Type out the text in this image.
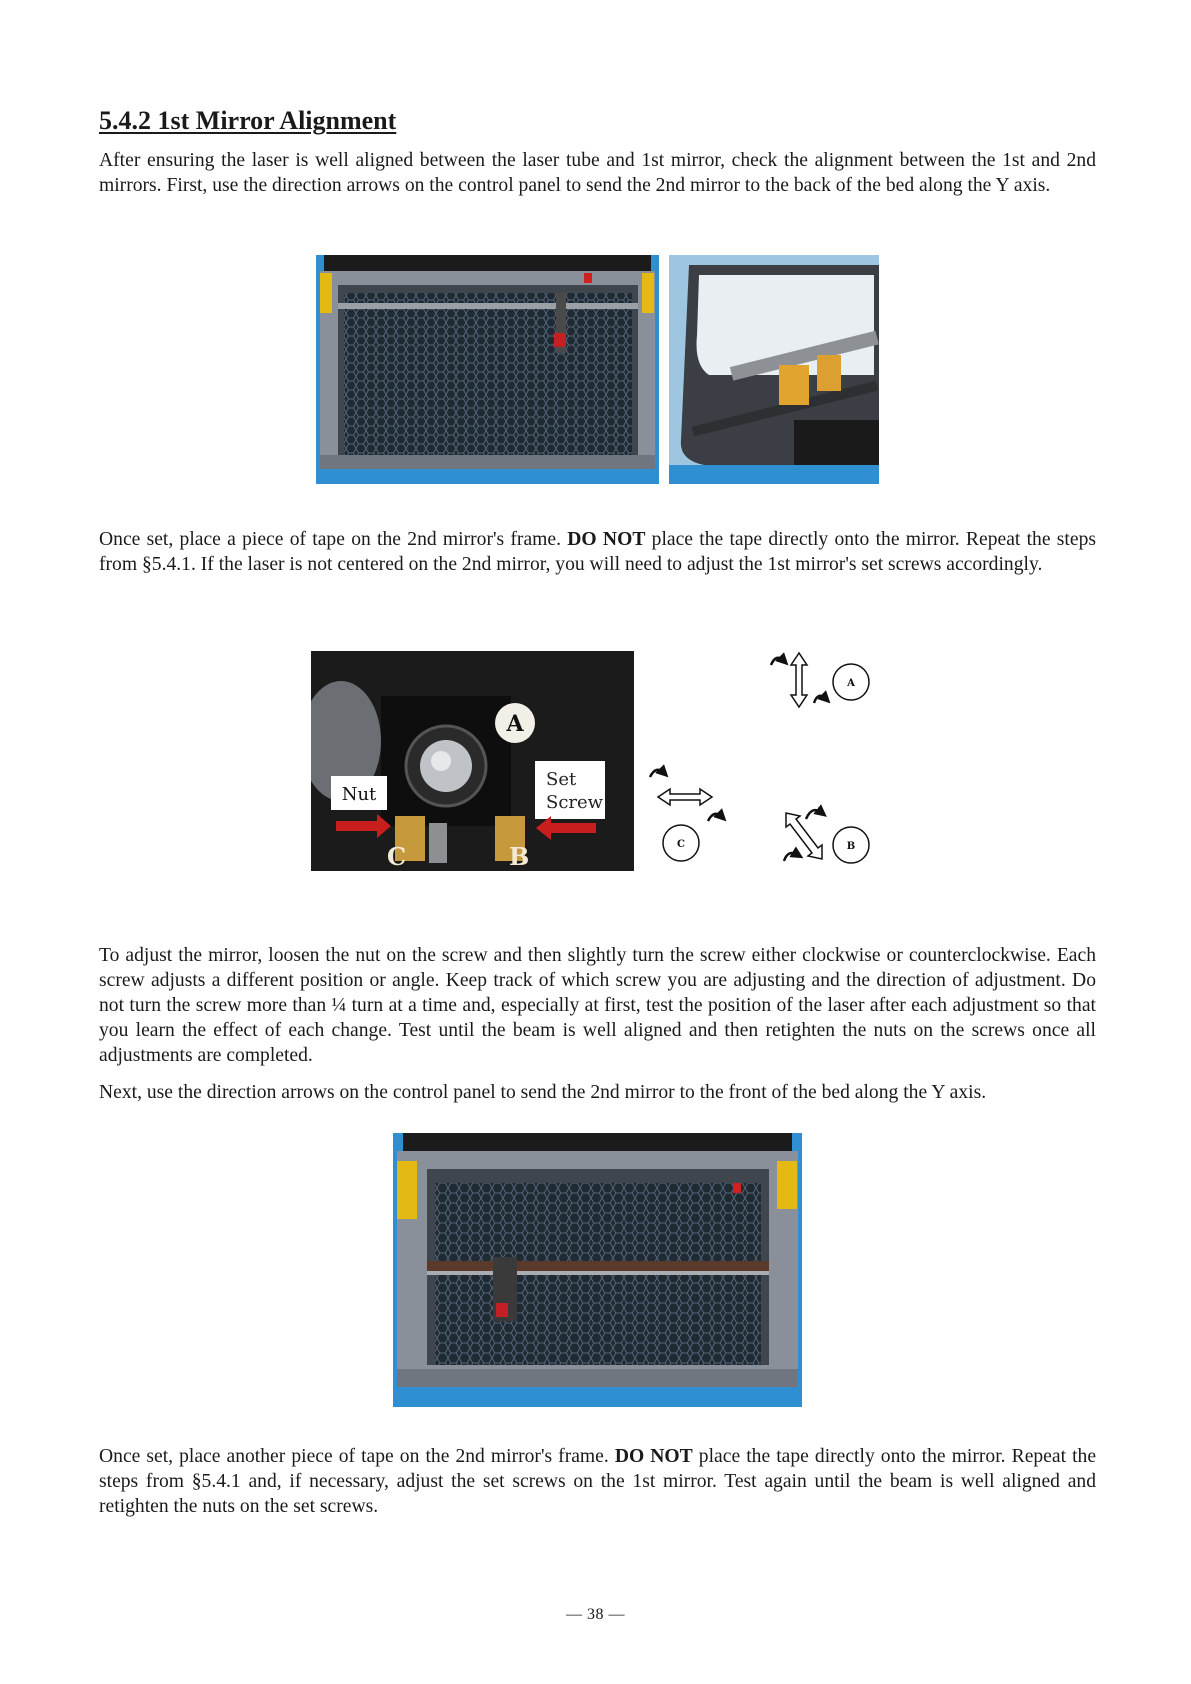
5.4.2 1st Mirror Alignment

After ensuring the laser is well aligned between the laser tube and 1st mirror, check the alignment between the 1st and 2nd mirrors. First, use the direction arrows on the control panel to send the 2nd mirror to the back of the bed along the Y axis.

Once set, place a piece of tape on the 2nd mirror's frame. DO NOT place the tape directly onto the mirror. Repeat the steps from §5.4.1. If the laser is not centered on the 2nd mirror, you will need to adjust the 1st mirror's set screws accordingly.

A
Nut
Set
Screw
C	B
A
C	B

To adjust the mirror, loosen the nut on the screw and then slightly turn the screw either clockwise or counterclockwise. Each screw adjusts a different position or angle. Keep track of which screw you are adjusting and the direction of adjustment. Do not turn the screw more than ¼ turn at a time and, especially at first, test the position of the laser after each adjustment so that you learn the effect of each change. Test until the beam is well aligned and then retighten the nuts on the screws once all adjustments are completed.

Next, use the direction arrows on the control panel to send the 2nd mirror to the front of the bed along the Y axis.

Once set, place another piece of tape on the 2nd mirror's frame. DO NOT place the tape directly onto the mirror. Repeat the steps from §5.4.1 and, if necessary, adjust the set screws on the 1st mirror. Test again until the beam is well aligned and retighten the nuts on the set screws.

— 38 —
